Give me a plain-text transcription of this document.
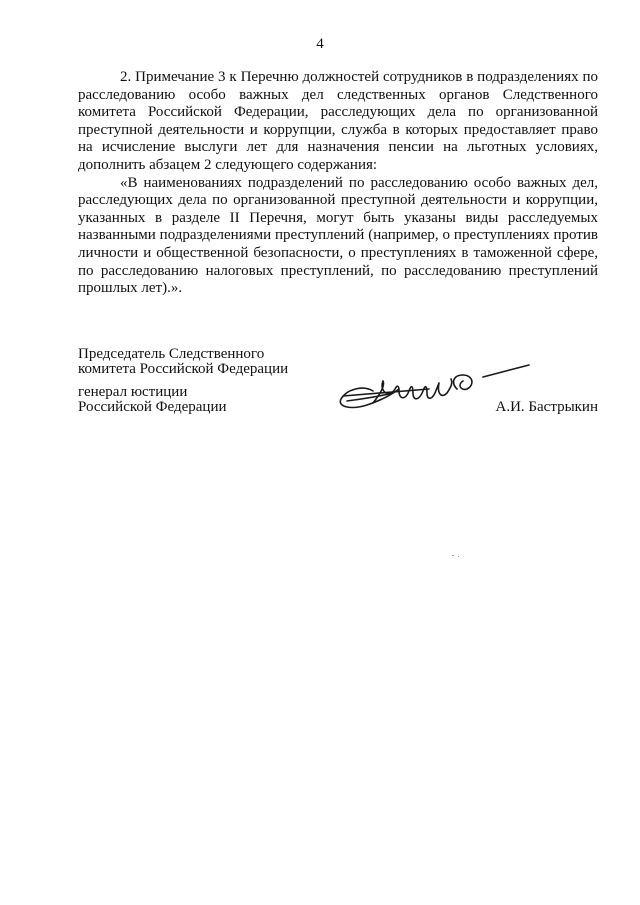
4

2. Примечание 3 к Перечню должностей сотрудников в подразделениях по расследованию особо важных дел следственных органов Следственного комитета Российской Федерации, расследующих дела по организованной преступной деятельности и коррупции, служба в которых предоставляет право на исчисление выслуги лет для назначения пенсии на льготных условиях, дополнить абзацем 2 следующего содержания:

«В наименованиях подразделений по расследованию особо важных дел, расследующих дела по организованной преступной деятельности и коррупции, указанных в разделе II Перечня, могут быть указаны виды расследуемых названными подразделениями преступлений (например, о преступлениях против личности и общественной безопасности, о преступлениях в таможенной сфере, по расследованию налоговых преступлений, по расследованию преступлений прошлых лет).».

Председатель Следственного
комитета Российской Федерации
генерал юстиции
Российской Федерации	А.И. Бастрыкин
